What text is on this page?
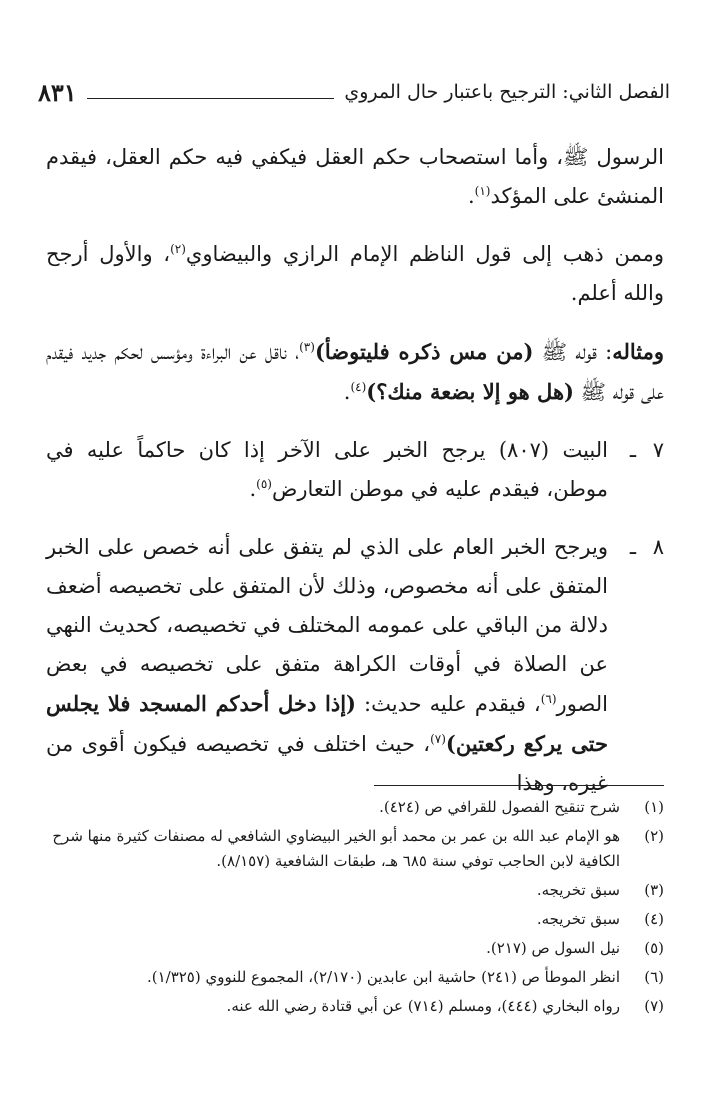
الفصل الثاني: الترجيح باعتبار حال المروي
٨٣١

الرسول ﷺ، وأما استصحاب حكم العقل فيكفي فيه حكم العقل، فيقدم المنشئ على المؤكد$^{(١)}$.

وممن ذهب إلى قول الناظم الإمام الرازي والبيضاوي$^{(٢)}$، والأول أرجح والله أعلم.

ومثاله: قوله ﷺ (من مس ذكره فليتوضأ)$^{(٣)}$، ناقل عن البراءة ومؤسس لحكم جديد فيقدم على قوله ﷺ (هل هو إلا بضعة منك؟)$^{(٤)}$.

٧
ـ
البيت (٨٠٧) يرجح الخبر على الآخر إذا كان حاكماً عليه في موطن، فيقدم عليه في موطن التعارض$^{(٥)}$.
٨
ـ
ويرجح الخبر العام على الذي لم يتفق على أنه خصص على الخبر المتفق على أنه مخصوص، وذلك لأن المتفق على تخصيصه أضعف دلالة من الباقي على عمومه المختلف في تخصيصه، كحديث النهي عن الصلاة في أوقات الكراهة متفق على تخصيصه في بعض الصور$^{(٦)}$، فيقدم عليه حديث: (إذا دخل أحدكم المسجد فلا يجلس حتى يركع ركعتين)$^{(٧)}$، حيث اختلف في تخصيصه فيكون أقوى من غيره، وهذا
(١)
شرح تنقيح الفصول للقرافي ص (٤٢٤).
(٢)
هو الإمام عبد الله بن عمر بن محمد أبو الخير البيضاوي الشافعي له مصنفات كثيرة منها شرح الكافية لابن الحاجب توفي سنة ٦٨٥ هـ، طبقات الشافعية (٨/١٥٧).
(٣)
سبق تخريجه.
(٤)
سبق تخريجه.
(٥)
نيل السول ص (٢١٧).
(٦)
انظر الموطأ ص (٢٤١) حاشية ابن عابدين (٢/١٧٠)، المجموع للنووي (١/٣٢٥).
(٧)
رواه البخاري (٤٤٤)، ومسلم (٧١٤) عن أبي قتادة رضي الله عنه.
